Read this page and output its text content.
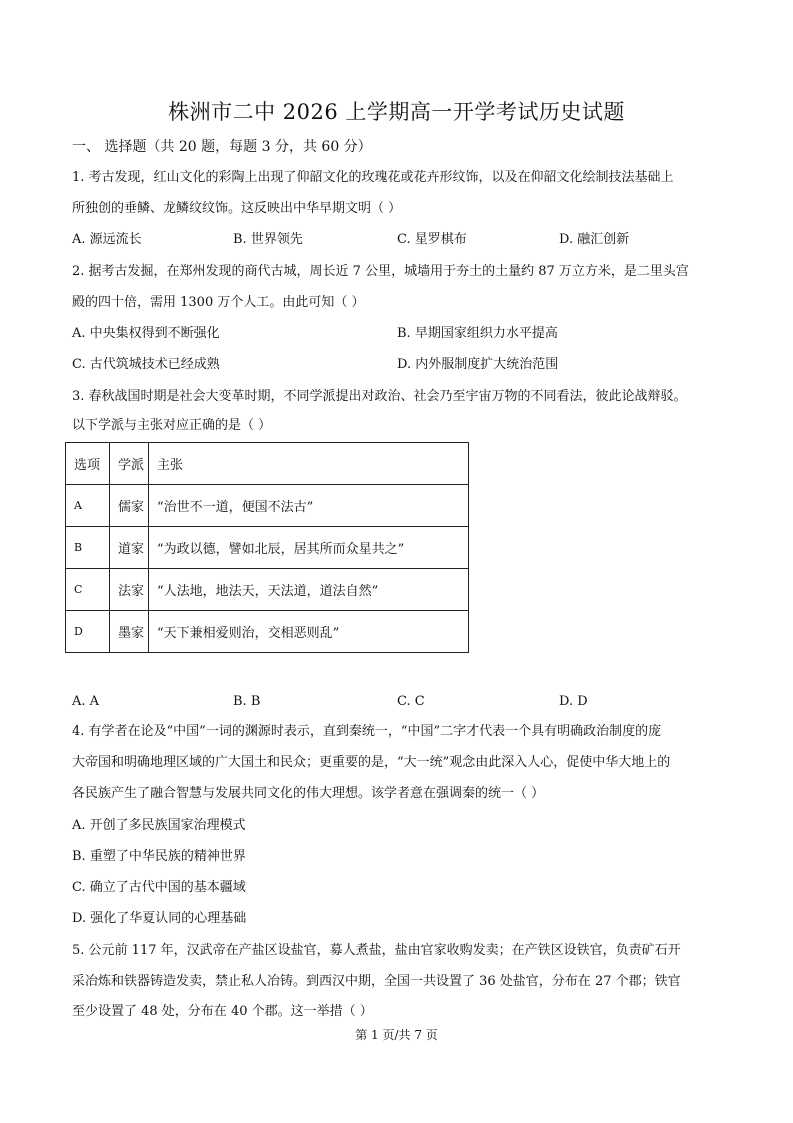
株洲市二中 2026 上学期高一开学考试历史试题
一、 选择题（共 20 题，每题 3 分，共 60 分）
1. 考古发现，红山文化的彩陶上出现了仰韶文化的玫瑰花或花卉形纹饰，以及在仰韶文化绘制技法基础上
所独创的垂鳞、龙鳞纹纹饰。这反映出中华早期文明（ ）
A. 源远流长	B. 世界领先	C. 星罗棋布	D. 融汇创新
2. 据考古发掘，在郑州发现的商代古城，周长近 7 公里，城墙用于夯土的土量约 87 万立方米，是二里头宫
殿的四十倍，需用 1300 万个人工。由此可知（ ）
A. 中央集权得到不断强化	B. 早期国家组织力水平提高
C. 古代筑城技术已经成熟	D. 内外服制度扩大统治范围
3. 春秋战国时期是社会大变革时期，不同学派提出对政治、社会乃至宇宙万物的不同看法，彼此论战辩驳。
以下学派与主张对应正确的是（ ）
选项	学派	主张
A	儒家	“治世不一道，便国不法古”
B	道家	“为政以德，譬如北辰，居其所而众星共之”
C	法家	“人法地，地法天，天法道，道法自然”
D	墨家	“天下兼相爱则治，交相恶则乱”
A. A	B. B	C. C	D. D
4. 有学者在论及“中国”一词的渊源时表示，直到秦统一，“中国”二字才代表一个具有明确政治制度的庞
大帝国和明确地理区域的广大国土和民众；更重要的是，“大一统”观念由此深入人心，促使中华大地上的
各民族产生了融合智慧与发展共同文化的伟大理想。该学者意在强调秦的统一（ ）
A. 开创了多民族国家治理模式
B. 重塑了中华民族的精神世界
C. 确立了古代中国的基本疆域
D. 强化了华夏认同的心理基础
5. 公元前 117 年，汉武帝在产盐区设盐官，募人煮盐，盐由官家收购发卖；在产铁区设铁官，负责矿石开
采冶炼和铁器铸造发卖，禁止私人冶铸。到西汉中期，全国一共设置了 36 处盐官，分布在 27 个郡；铁官
至少设置了 48 处，分布在 40 个郡。这一举措（ ）
第 1 页/共 7 页
